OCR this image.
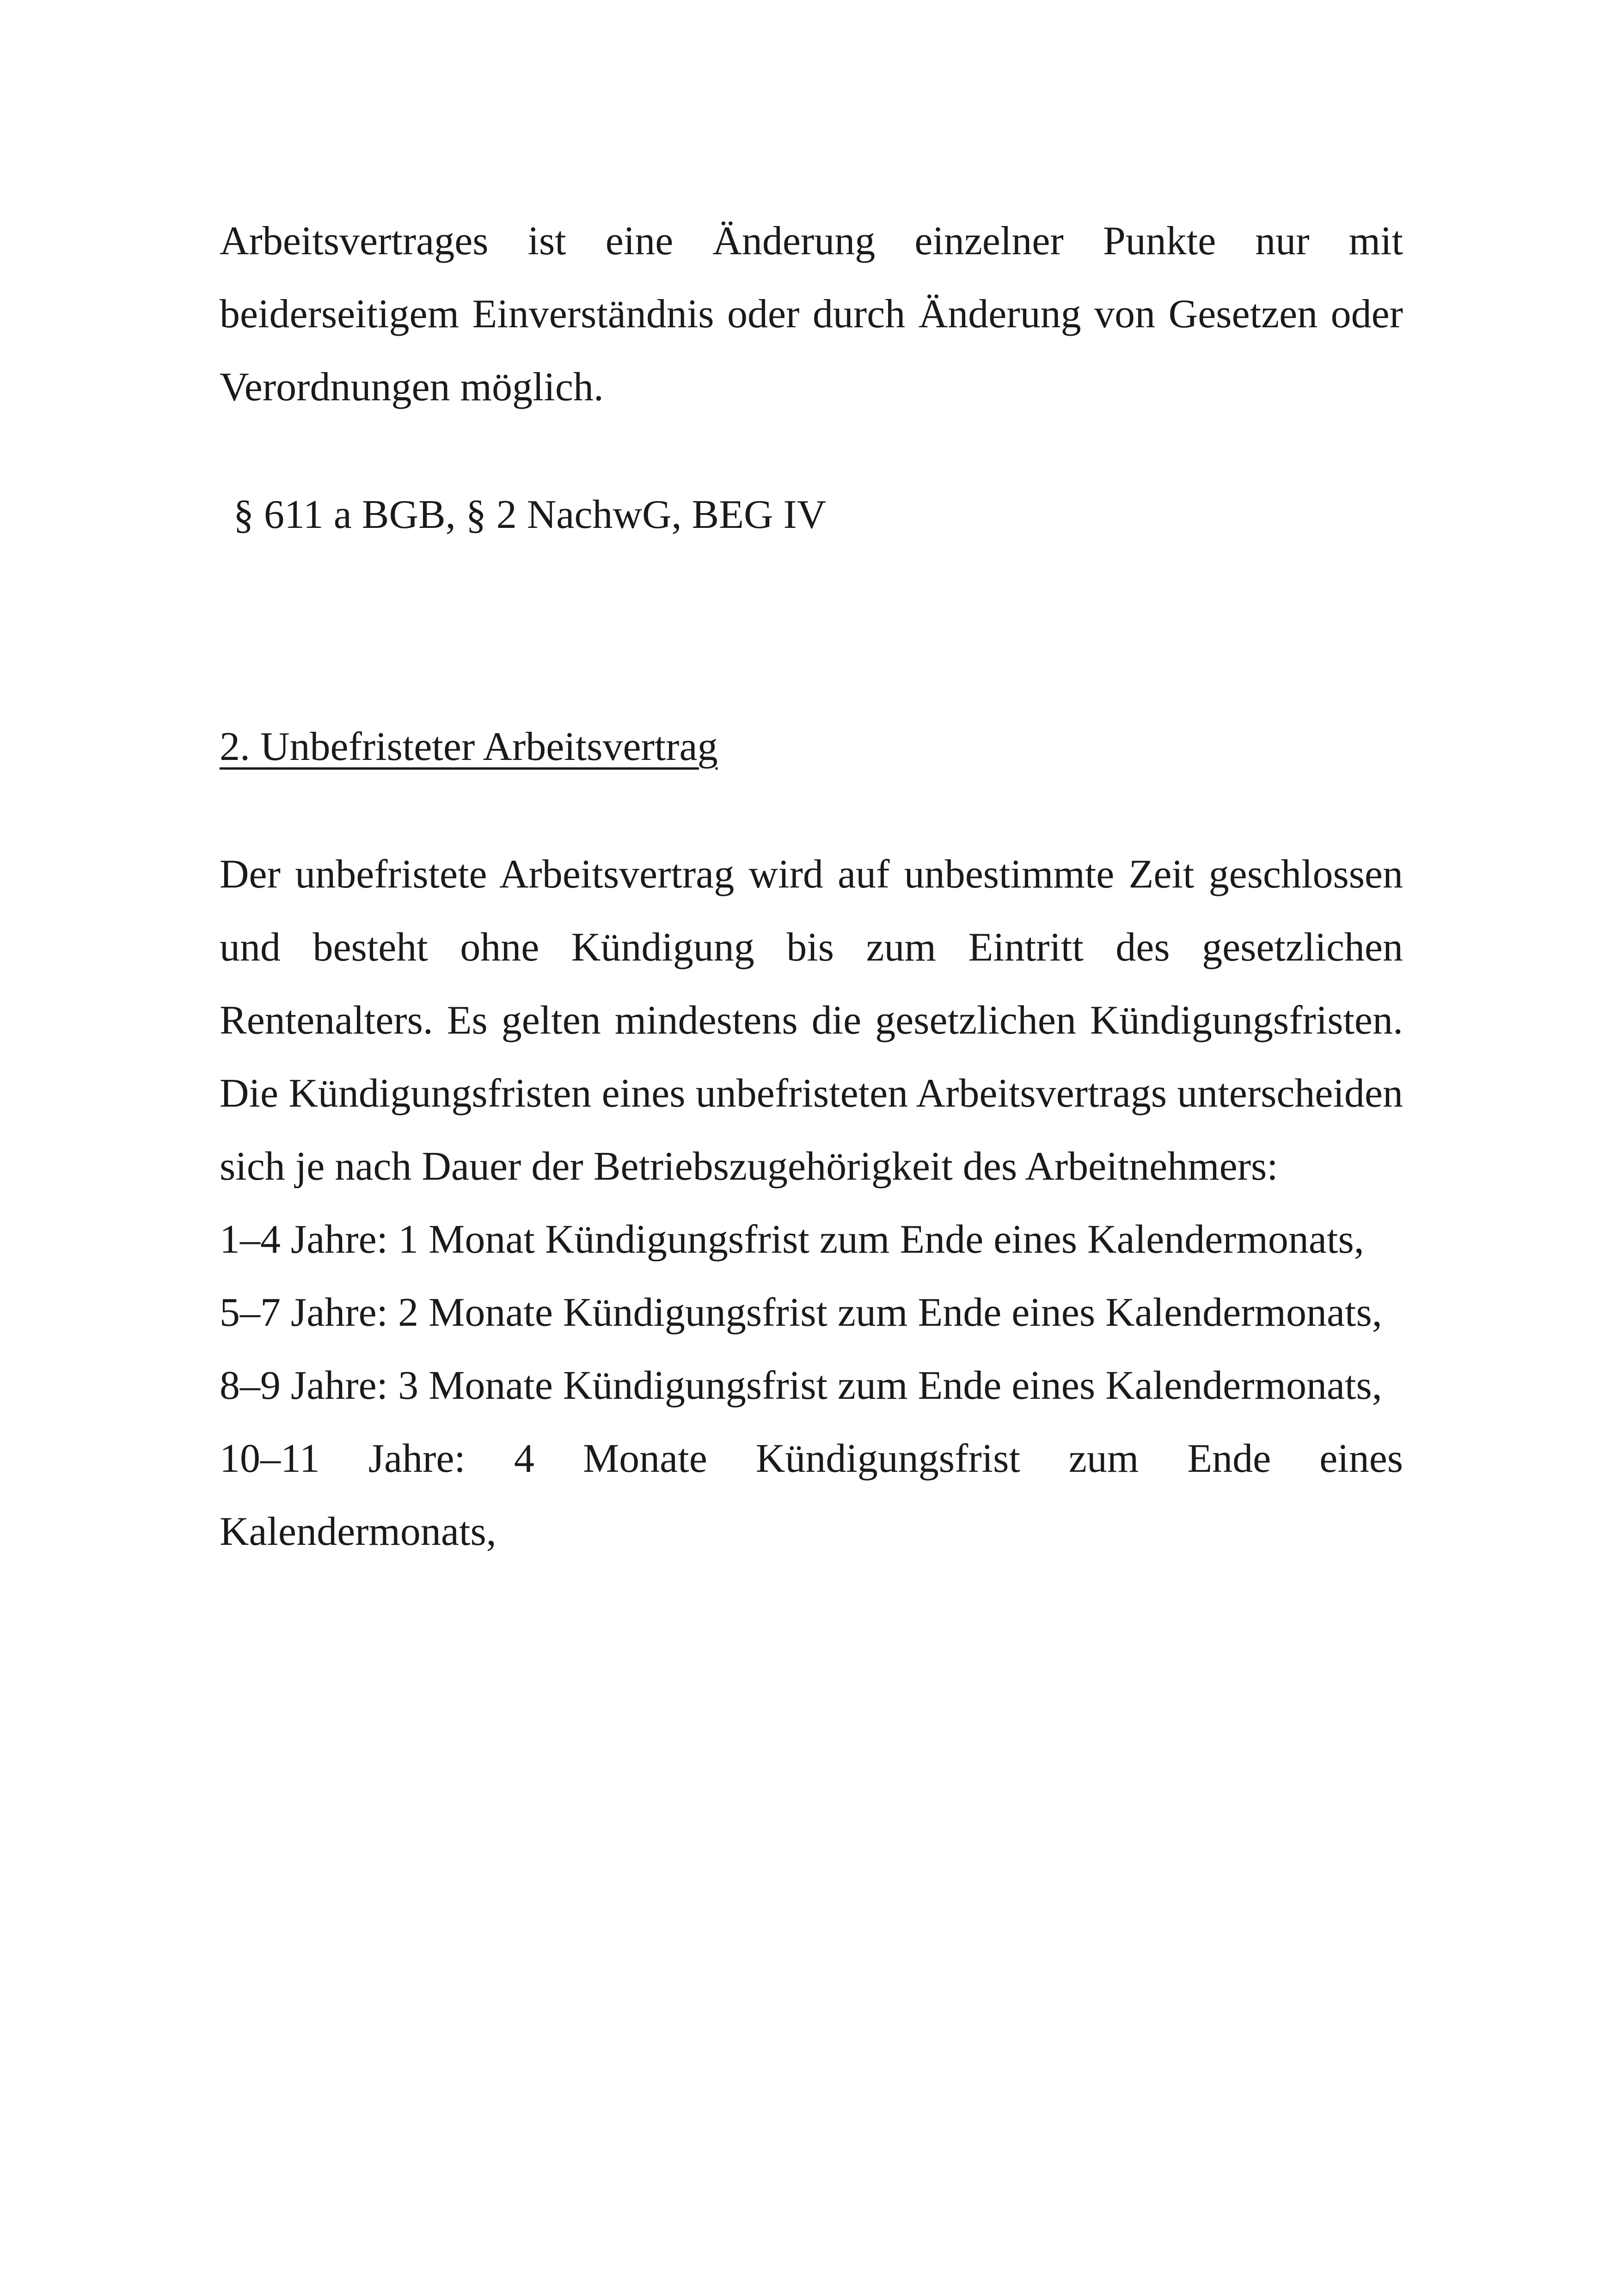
Arbeitsvertrages ist eine Änderung einzelner Punkte nur mit beiderseitigem Einverständnis oder durch Änderung von Gesetzen oder Verordnungen möglich.

§ 611 a BGB, § 2 NachwG, BEG IV

2. Unbefristeter Arbeitsvertrag

Der unbefristete Arbeitsvertrag wird auf unbestimmte Zeit geschlossen und besteht ohne Kündigung bis zum Eintritt des gesetzlichen Rentenalters. Es gelten mindestens die gesetzlichen Kündigungsfristen. Die Kündigungsfristen eines unbefristeten Arbeitsvertrags unterscheiden sich je nach Dauer der Betriebszugehörigkeit des Arbeitnehmers:

1–4 Jahre: 1 Monat Kündigungsfrist zum Ende eines Kalendermonats,
5–7 Jahre: 2 Monate Kündigungsfrist zum Ende eines Kalendermonats,
8–9 Jahre: 3 Monate Kündigungsfrist zum Ende eines Kalendermonats,
10–11 Jahre: 4 Monate Kündigungsfrist zum Ende eines Kalendermonats,
